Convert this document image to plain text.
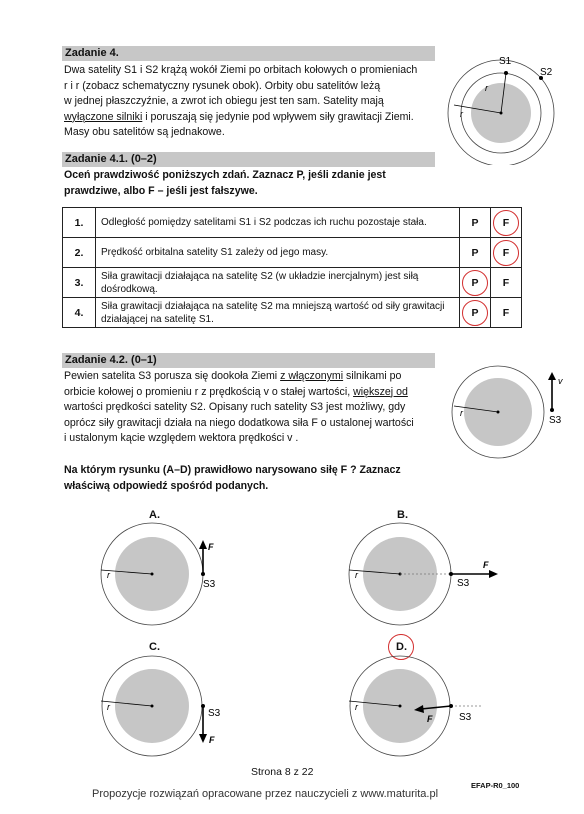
Zadanie 4.
Dwa satelity S1 i S2 krążą wokół Ziemi po orbitach kołowych o promieniach
r i r (zobacz schematyczny rysunek obok). Orbity obu satelitów leżą
w jednej płaszczyźnie, a zwrot ich obiegu jest ten sam. Satelity mają
wyłączone silniki i poruszają się jedynie pod wpływem siły grawitacji Ziemi.
Masy obu satelitów są jednakowe.
S1
S2
r
r
Zadanie 4.1. (0–2)
Oceń prawdziwość poniższych zdań. Zaznacz P, jeśli zdanie jest
prawdziwe, albo F – jeśli jest fałszywe.
1.	Odległość pomiędzy satelitami S1 i S2 podczas ich ruchu pozostaje stała.	P	F

2.	Prędkość orbitalna satelity S1 zależy od jego masy.	P	F

3.	Siła grawitacji działająca na satelitę S2 (w układzie inercjalnym) jest siłą dośrodkową.	P	F
4.	Siła grawitacji działająca na satelitę S2 ma mniejszą wartość od siły grawitacji działającej na satelitę S1.	P	F
Zadanie 4.2. (0–1)
Pewien satelita S3 porusza się dookoła Ziemi z włączonymi silnikami po
orbicie kołowej o promieniu r z prędkością v o stałej wartości, większej od
wartości prędkości satelity S2. Opisany ruch satelity S3 jest możliwy, gdy
oprócz siły grawitacji działa na niego dodatkowa siła F o ustalonej wartości
i ustalonym kącie względem wektora prędkości v .
r
v
S3
Na którym rysunku (A–D) prawidłowo narysowano siłę F ? Zaznacz
właściwą odpowiedź spośród podanych.
A.
r
F
S3
B.
r
F
S3
C.
r
S3
F
D.
r
F	S3
Strona 8 z 22
EFAP-R0_100
Propozycje rozwiązań opracowane przez nauczycieli z www.maturita.pl
